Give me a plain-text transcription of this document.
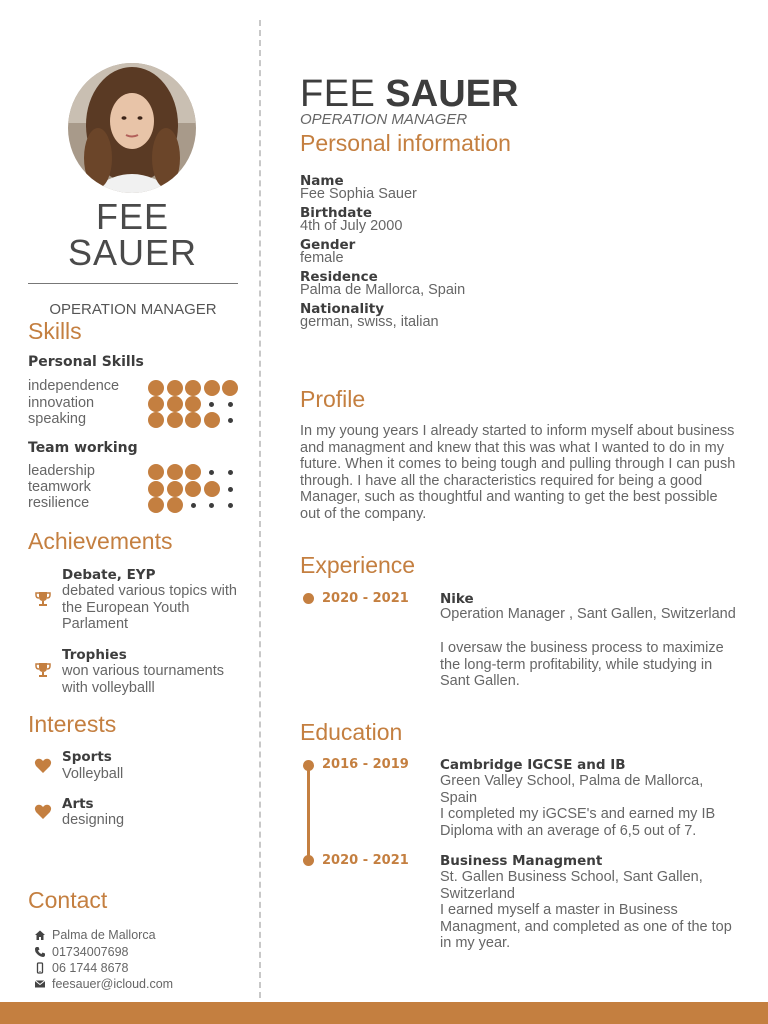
FEE
SAUER
OPERATION MANAGER
Skills
Personal Skills
independence
innovation
speaking
Team working
leadership
teamwork
resilience
Achievements
Debate, EYP
debated various topics with the European Youth Parlament
Trophies
won various tournaments with volleyballl
Interests
Sports
Volleyball
Arts
designing
Contact
Palma de Mallorca
01734007698
06 1744 8678
feesauer@icloud.com
FEE SAUER
OPERATION MANAGER
Personal information
Name
Fee Sophia Sauer
Birthdate
4th of July 2000
Gender
female
Residence
Palma de Mallorca, Spain
Nationality
german, swiss, italian
Profile
In my young years I already started to inform myself about business and managment and knew that this was what I wanted to do in my future. When it comes to being tough and pulling through I can push through. I have all the characteristics required for being a good Manager, such as thoughtful and wanting to get the best possible out of the company.
Experience
2020 - 2021 Nike
Operation Manager , Sant Gallen, Switzerland
I oversaw the business process to maximize the long-term profitability, while studying in Sant Gallen.
Education
2016 - 2019 Cambridge IGCSE and IB
Green Valley School, Palma de Mallorca, Spain
I completed my iGCSE's and earned my IB Diploma with an average of 6,5 out of 7.
2020 - 2021 Business Managment
St. Gallen Business School, Sant Gallen, Switzerland
I earned myself a master in Business Managment, and completed as one of the top in my year.
